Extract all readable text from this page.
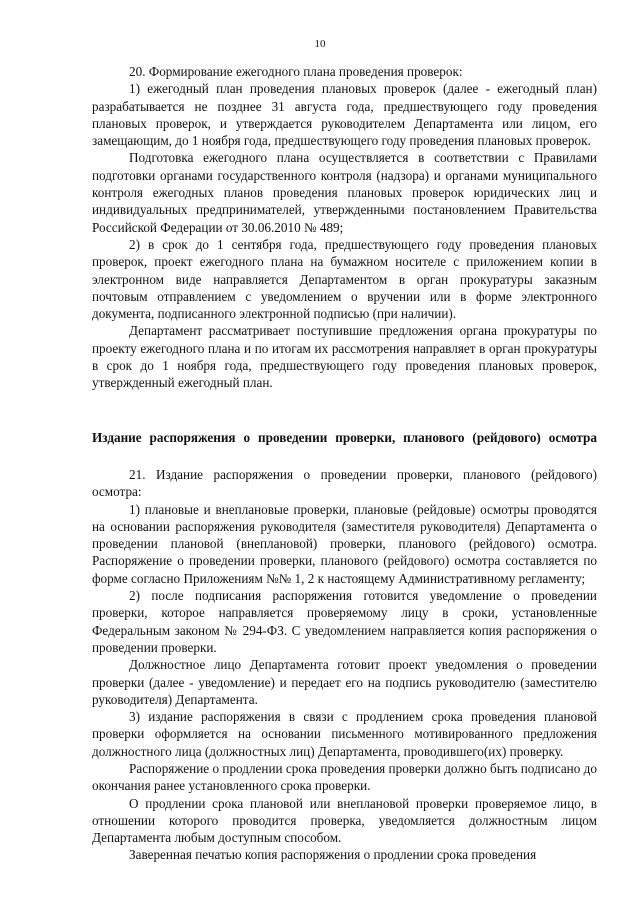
10

20. Формирование ежегодного плана проведения проверок:

1) ежегодный план проведения плановых проверок (далее - ежегодный план) разрабатывается не позднее 31 августа года, предшествующего году проведения плановых проверок, и утверждается руководителем Департамента или лицом, его замещающим, до 1 ноября года, предшествующего году проведения плановых проверок.

Подготовка ежегодного плана осуществляется в соответствии с Правилами подготовки органами государственного контроля (надзора) и органами муниципального контроля ежегодных планов проведения плановых проверок юридических лиц и индивидуальных предпринимателей, утвержденными постановлением Правительства Российской Федерации от 30.06.2010 № 489;

2) в срок до 1 сентября года, предшествующего году проведения плановых проверок, проект ежегодного плана на бумажном носителе с приложением копии в электронном виде направляется Департаментом в орган прокуратуры заказным почтовым отправлением с уведомлением о вручении или в форме электронного документа, подписанного электронной подписью (при наличии).

Департамент рассматривает поступившие предложения органа прокуратуры по проекту ежегодного плана и по итогам их рассмотрения направляет в орган прокуратуры в срок до 1 ноября года, предшествующего году проведения плановых проверок, утвержденный ежегодный план.

Издание распоряжения о проведении проверки, планового (рейдового) осмотра

21. Издание распоряжения о проведении проверки, планового (рейдового) осмотра:

1) плановые и внеплановые проверки, плановые (рейдовые) осмотры проводятся на основании распоряжения руководителя (заместителя руководителя) Департамента о проведении плановой (внеплановой) проверки, планового (рейдового) осмотра. Распоряжение о проведении проверки, планового (рейдового) осмотра составляется по форме согласно Приложениям №№ 1, 2 к настоящему Административному регламенту;

2) после подписания распоряжения готовится уведомление о проведении проверки, которое направляется проверяемому лицу в сроки, установленные Федеральным законом № 294-ФЗ. С уведомлением направляется копия распоряжения о проведении проверки.

Должностное лицо Департамента готовит проект уведомления о проведении проверки (далее - уведомление) и передает его на подпись руководителю (заместителю руководителя) Департамента.

3) издание распоряжения в связи с продлением срока проведения плановой проверки оформляется на основании письменного мотивированного предложения должностного лица (должностных лиц) Департамента, проводившего(их) проверку.

Распоряжение о продлении срока проведения проверки должно быть подписано до окончания ранее установленного срока проверки.

О продлении срока плановой или внеплановой проверки проверяемое лицо, в отношении которого проводится проверка, уведомляется должностным лицом Департамента любым доступным способом.

Заверенная печатью копия распоряжения о продлении срока проведения
